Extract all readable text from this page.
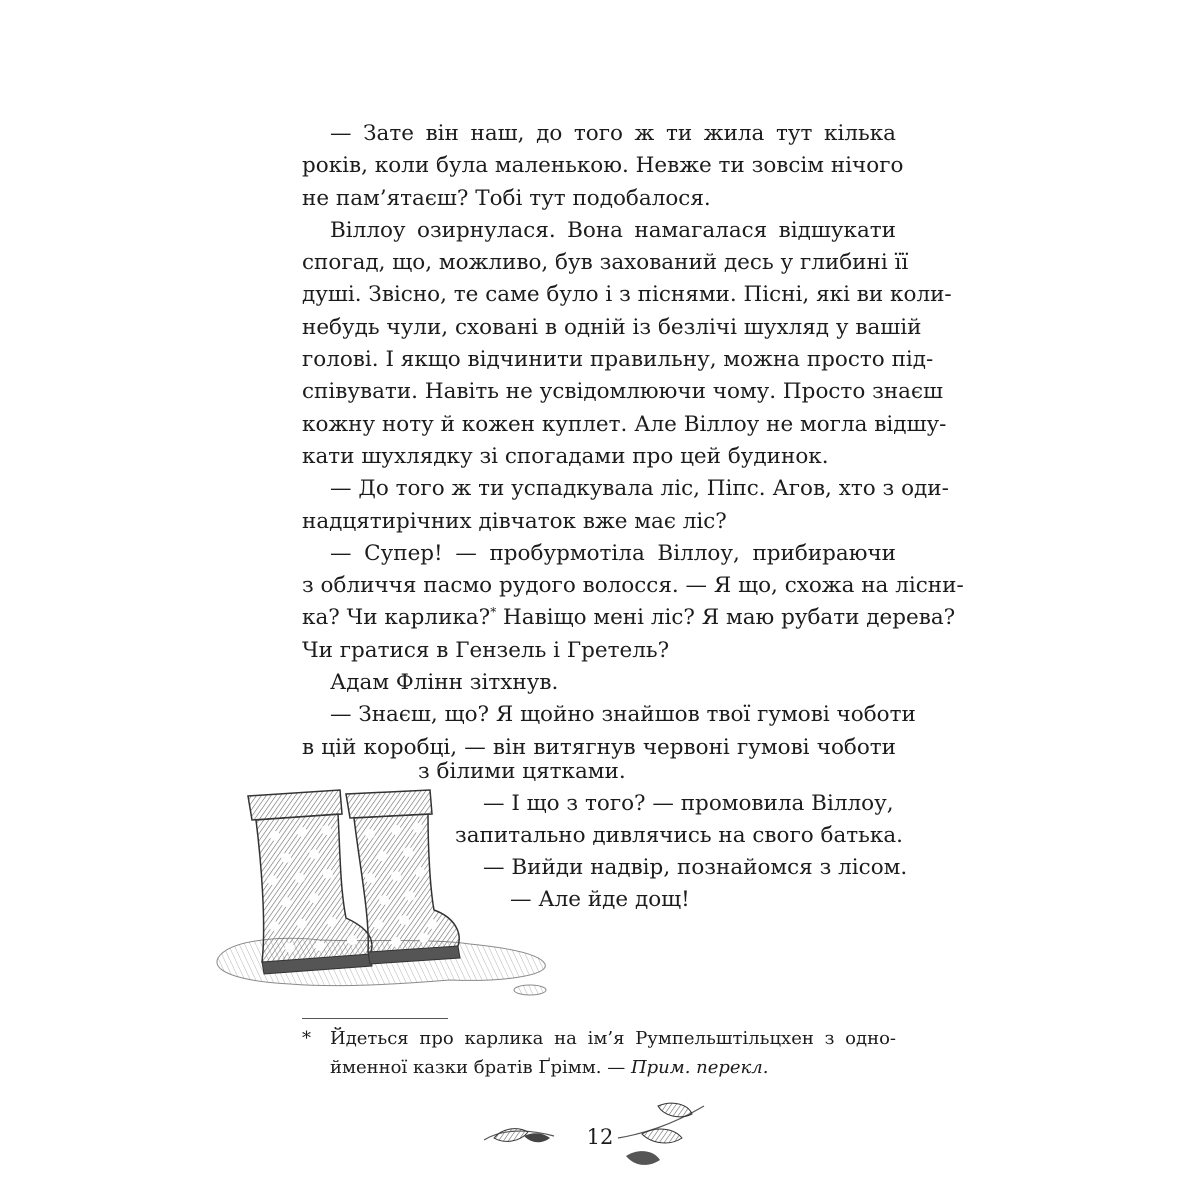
— Зате він наш, до того ж ти жила тут кілька
років, коли була маленькою. Невже ти зовсім нічого
не пам’ятаєш? Тобі тут подобалося.
Віллоу озирнулася. Вона намагалася відшукати
спогад, що, можливо, був захований десь у глибині її
душі. Звісно, те саме було і з піснями. Пісні, які ви коли-
небудь чули, сховані в одній із безлічі шухляд у вашій
голові. І якщо відчинити правильну, можна просто під-
співувати. Навіть не усвідомлюючи чому. Просто знаєш
кожну ноту й кожен куплет. Але Віллоу не могла відшу-
кати шухлядку зі спогадами про цей будинок.
— До того ж ти успадкувала ліс, Піпс. Агов, хто з оди-
надцятирічних дівчаток вже має ліс?
— Супер! — пробурмотіла Віллоу, прибираючи
з обличчя пасмо рудого волосся. — Я що, схожа на лісни-
ка? Чи карлика?* Навіщо мені ліс? Я маю рубати дерева?
Чи гратися в Гензель і Гретель?
Адам Флінн зітхнув.
— Знаєш, що? Я щойно знайшов твої гумові чоботи
в цій коробці, — він витягнув червоні гумові чоботи
з білими цятками.
— І що з того? — промовила Віллоу,
запитально дивлячись на свого батька.
— Вийди надвір, познайомся з лісом.
— Але йде дощ!
* Йдеться про карлика на ім’я Румпельштільцхен з одно-
йменної казки братів Ґрімм. — Прим. перекл.
12
